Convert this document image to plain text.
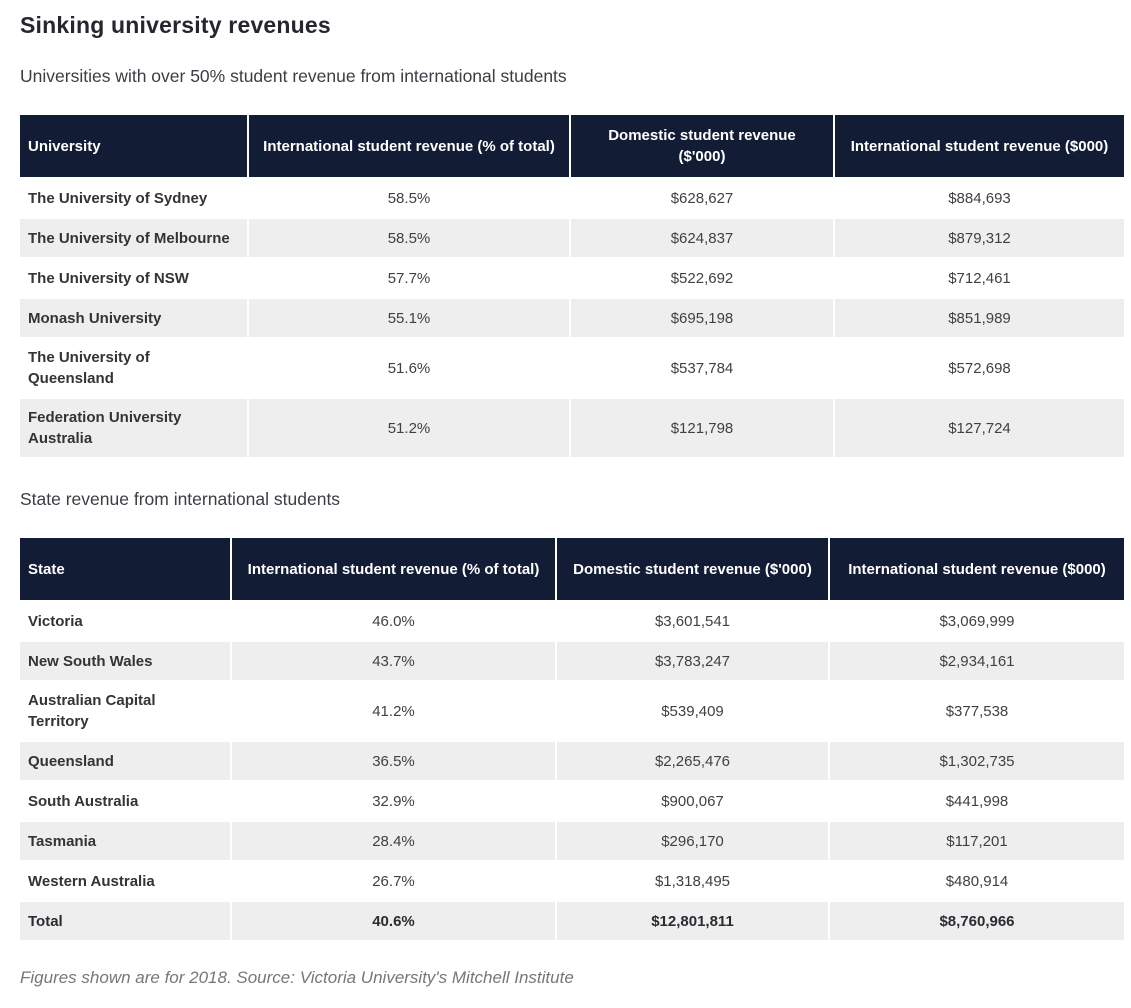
Sinking university revenues

Universities with over 50% student revenue from international students

University	International student revenue (% of total)	Domestic student revenue ($'000)	International student revenue ($000)
The University of Sydney	58.5%	$628,627	$884,693
The University of Melbourne	58.5%	$624,837	$879,312
The University of NSW	57.7%	$522,692	$712,461
Monash University	55.1%	$695,198	$851,989
The University of Queensland	51.6%	$537,784	$572,698
Federation University Australia	51.2%	$121,798	$127,724

State revenue from international students

State	International student revenue (% of total)	Domestic student revenue ($'000)	International student revenue ($000)
Victoria	46.0%	$3,601,541	$3,069,999
New South Wales	43.7%	$3,783,247	$2,934,161
Australian Capital Territory	41.2%	$539,409	$377,538
Queensland	36.5%	$2,265,476	$1,302,735
South Australia	32.9%	$900,067	$441,998
Tasmania	28.4%	$296,170	$117,201
Western Australia	26.7%	$1,318,495	$480,914
Total	40.6%	$12,801,811	$8,760,966

Figures shown are for 2018. Source: Victoria University's Mitchell Institute
